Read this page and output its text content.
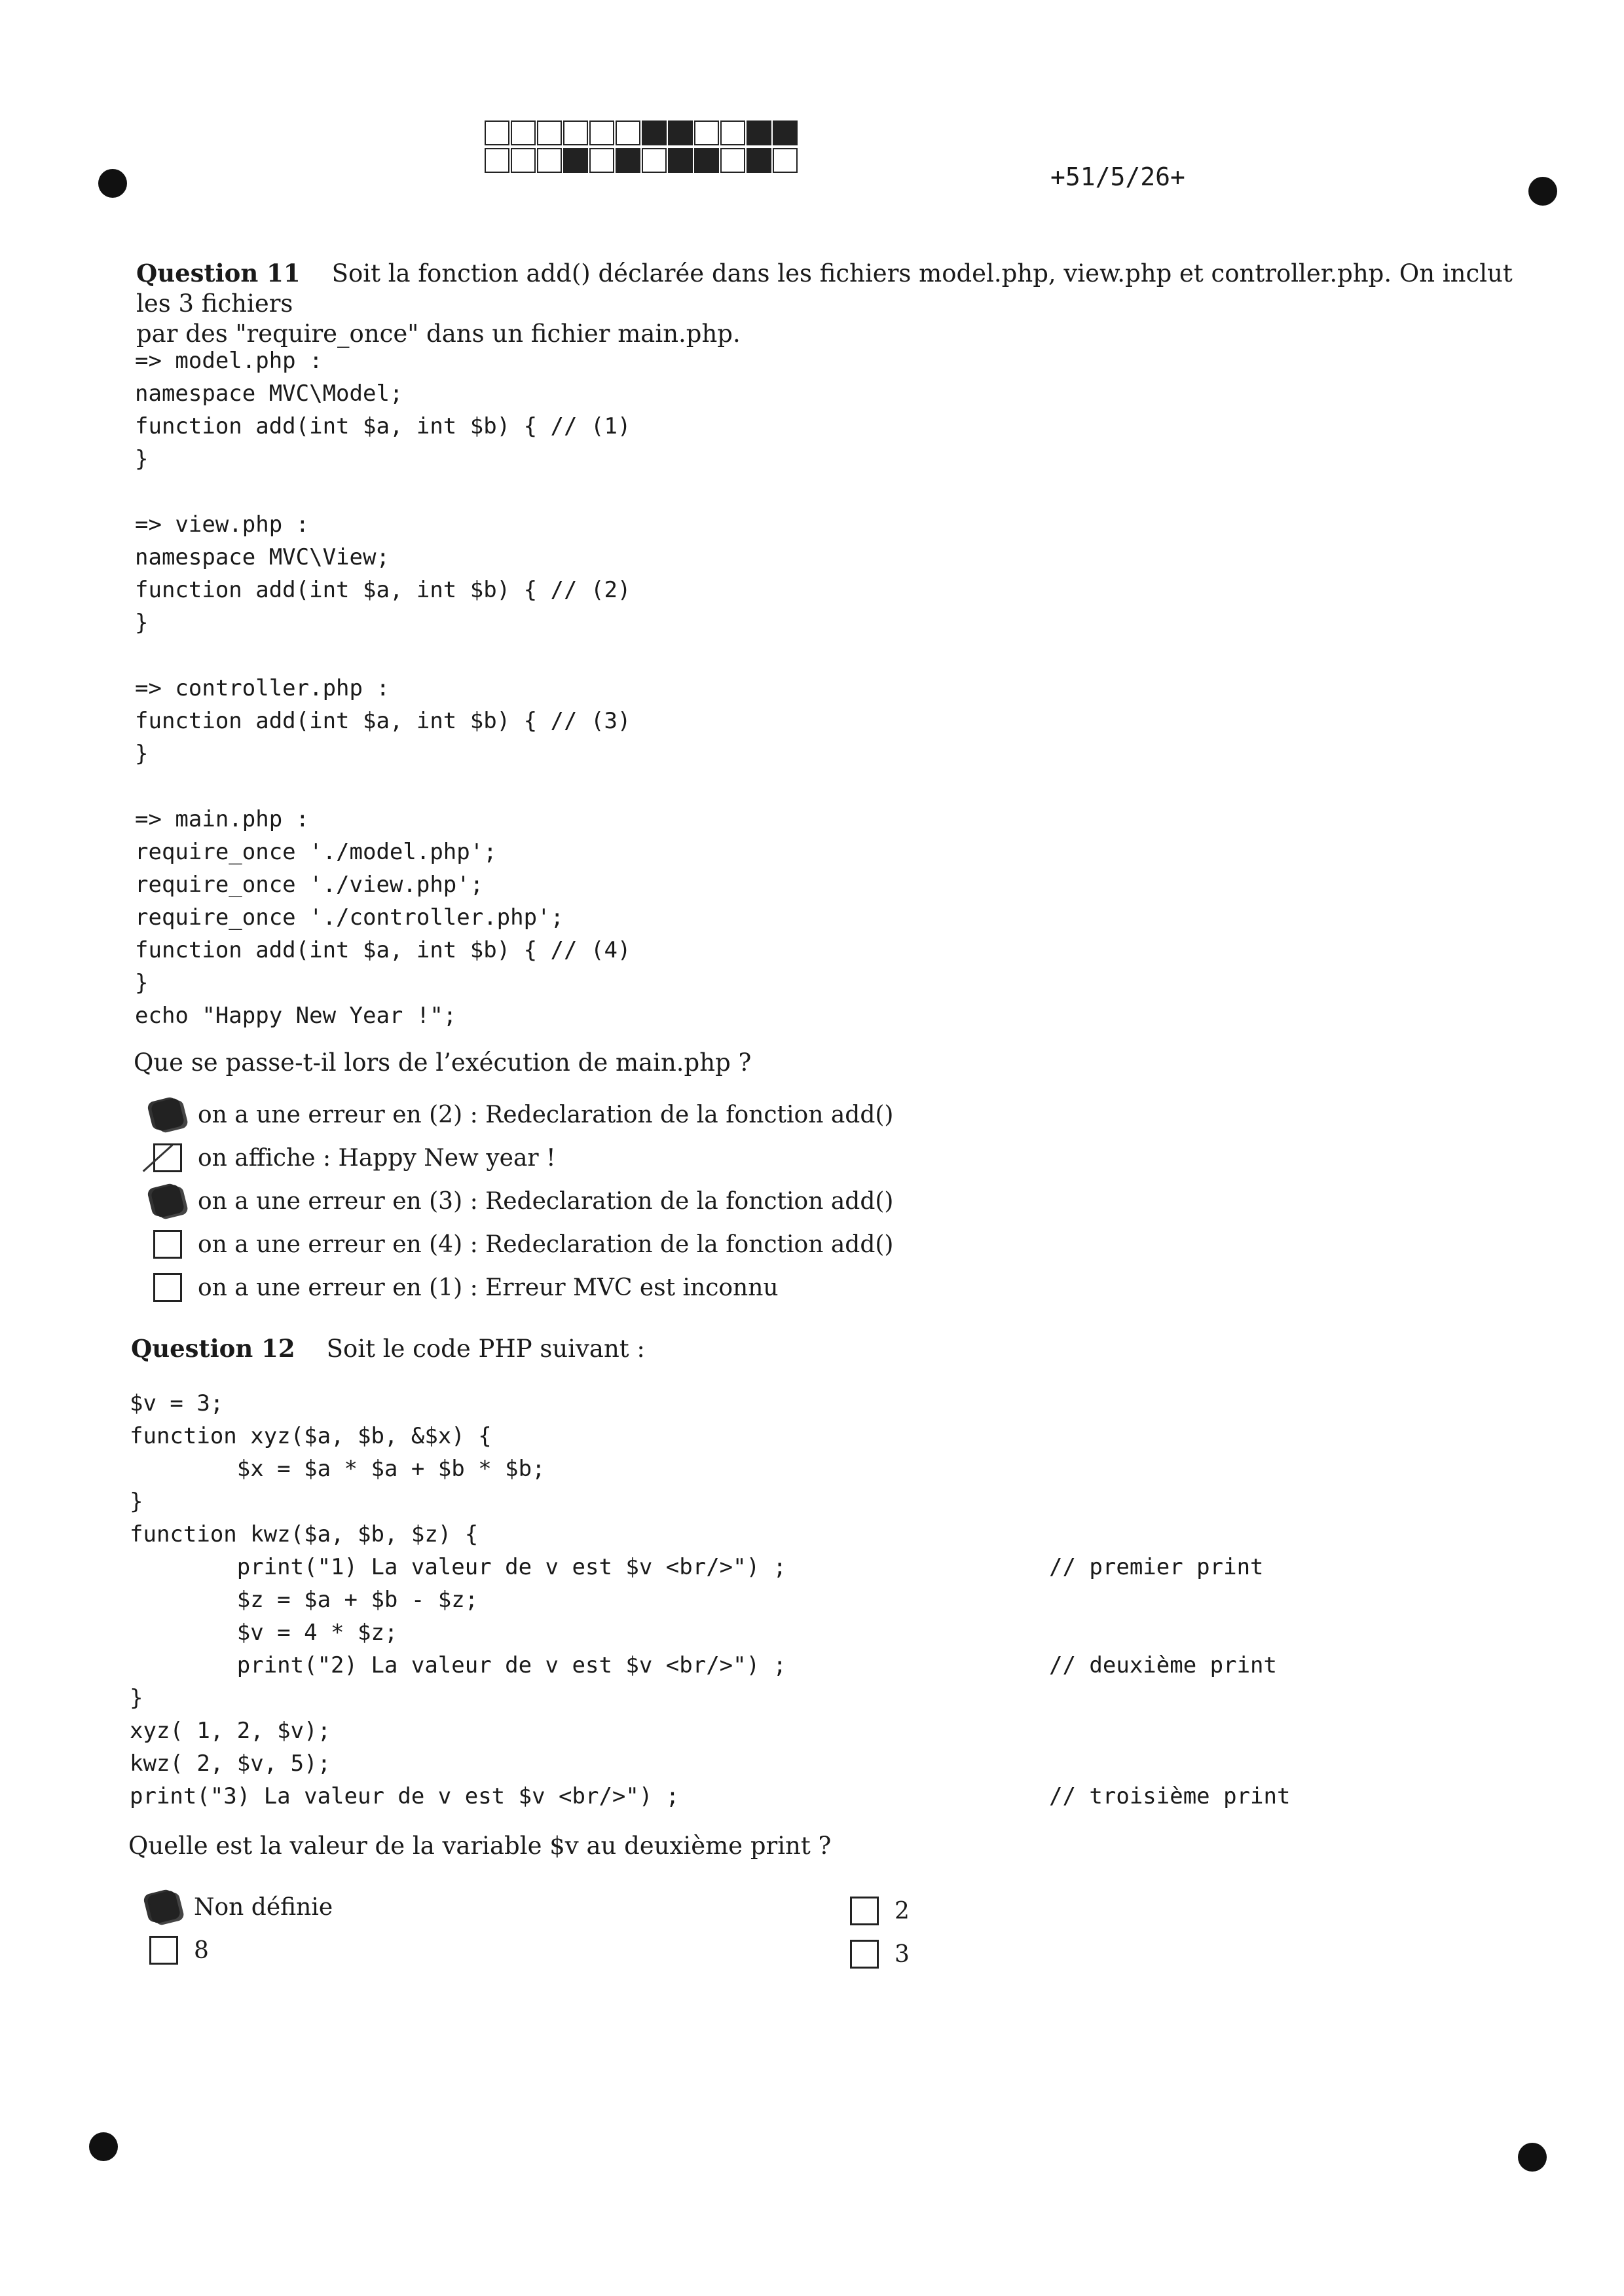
+51/5/26+
Question 11 Soit la fonction add() déclarée dans les fichiers model.php, view.php et controller.php. On inclut les 3 fichiers
par des "require_once" dans un fichier main.php.
=> model.php :
namespace MVC\Model;
function add(int $a, int $b) { // (1)
}

=> view.php :
namespace MVC\View;
function add(int $a, int $b) { // (2)
}

=> controller.php :
function add(int $a, int $b) { // (3)
}

=> main.php :
require_once './model.php';
require_once './view.php';
require_once './controller.php';
function add(int $a, int $b) { // (4)
}
echo "Happy New Year !";
Que se passe-t-il lors de l’exécution de main.php ?
on a une erreur en (2) : Redeclaration de la fonction add()
on affiche : Happy New year !
on a une erreur en (3) : Redeclaration de la fonction add()
on a une erreur en (4) : Redeclaration de la fonction add()
on a une erreur en (1) : Erreur MVC est inconnu
Question 12 Soit le code PHP suivant :
$v = 3;
function xyz($a, $b, &$x) {
$x = $a * $a + $b * $b;
}
function kwz($a, $b, $z) {
print("1) La valeur de v est $v <br/>") ;
$z = $a + $b - $z;
$v = 4 * $z;
print("2) La valeur de v est $v <br/>") ;
}
xyz( 1, 2, $v);
kwz( 2, $v, 5);
print("3) La valeur de v est $v <br/>") ;
// premier print
// deuxième print
// troisième print
Quelle est la valeur de la variable $v au deuxième print ?
Non définie
8
2
3
